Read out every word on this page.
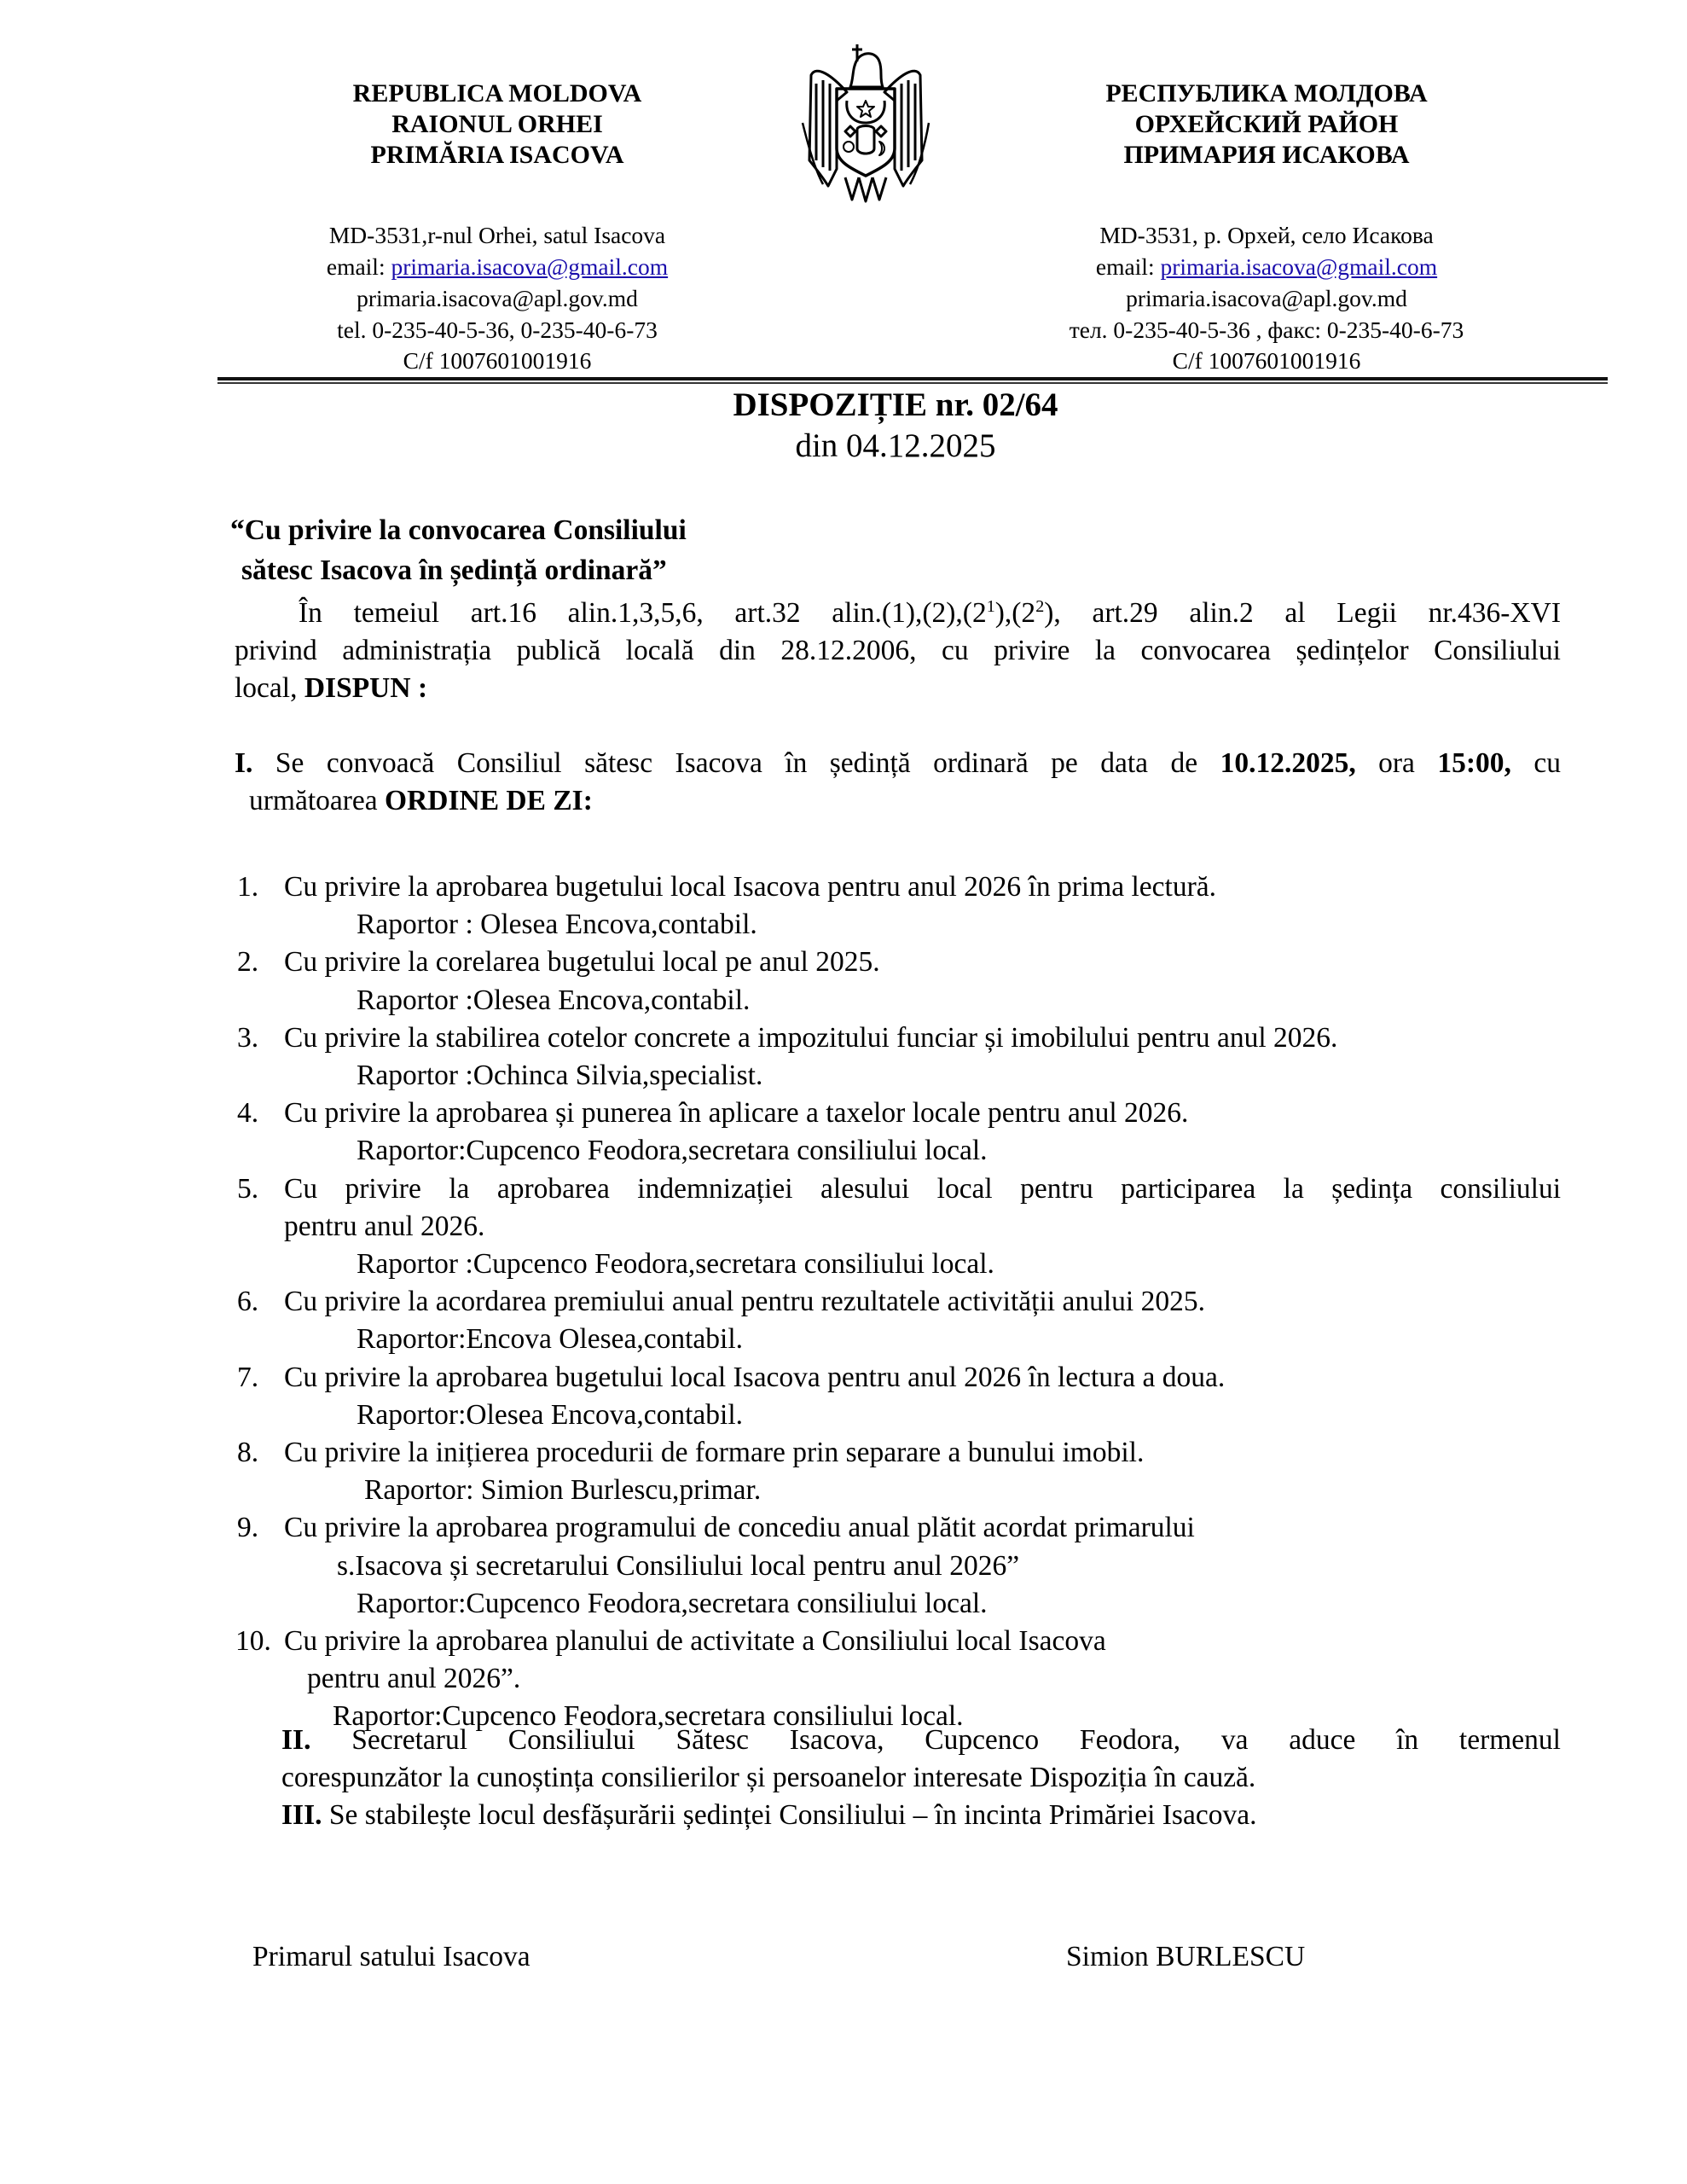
REPUBLICA MOLDOVA
RAIONUL ORHEI
PRIMĂRIA ISACOVA
MD-3531,r-nul Orhei, satul Isacova
email: primaria.isacova@gmail.com
primaria.isacova@apl.gov.md
tel. 0-235-40-5-36, 0-235-40-6-73
C/f 1007601001916
РЕСПУБЛИКА МОЛДОВА
ОРХЕЙСКИЙ РАЙОН
ПРИМАРИЯ ИСАКОВА
MD-3531, р. Орхей, село Исакова
email: primaria.isacova@gmail.com
primaria.isacova@apl.gov.md
тел. 0-235-40-5-36 , факс: 0-235-40-6-73
C/f 1007601001916
DISPOZIȚIE nr. 02/64
din 04.12.2025
“Cu privire la convocarea Consiliului
sătesc Isacova în ședință ordinară”
În temeiul art.16 alin.1,3,5,6, art.32 $alin.(1),(2),(2^1),(2^2)$, art.29 alin.2 al Legii nr.436-XVI
privind administrația publică locală din 28.12.2006, cu privire la convocarea ședințelor Consiliului
local, DISPUN :
I. Se convoacă Consiliul sătesc Isacova în ședință ordinară pe data de 10.12.2025, ora 15:00, cu
următoarea ORDINE DE ZI:
1. Cu privire la aprobarea bugetului local Isacova pentru anul 2026 în prima lectură.
Raportor : Olesea Encova,contabil.
2. Cu privire la corelarea bugetului local pe anul 2025.
Raportor :Olesea Encova,contabil.
3. Cu privire la stabilirea cotelor concrete a impozitului funciar și imobilului pentru anul 2026.
Raportor :Ochinca Silvia,specialist.
4. Cu privire la aprobarea și punerea în aplicare a taxelor locale pentru anul 2026.
Raportor:Cupcenco Feodora,secretara consiliului local.
5. Cu privire la aprobarea indemnizației alesului local pentru participarea la ședința consiliului
pentru anul 2026.
Raportor :Cupcenco Feodora,secretara consiliului local.
6. Cu privire la acordarea premiului anual pentru rezultatele activității anului 2025.
Raportor:Encova Olesea,contabil.
7. Cu privire la aprobarea bugetului local Isacova pentru anul 2026 în lectura a doua.
Raportor:Olesea Encova,contabil.
8. Cu privire la inițierea procedurii de formare prin separare a bunului imobil.
Raportor: Simion Burlescu,primar.
9. Cu privire la aprobarea programului de concediu anual plătit acordat primarului
s.Isacova și secretarului Consiliului local pentru anul 2026”
Raportor:Cupcenco Feodora,secretara consiliului local.
10. Cu privire la aprobarea planului de activitate a Consiliului local Isacova
pentru anul 2026”.
Raportor:Cupcenco Feodora,secretara consiliului local.
II. Secretarul Consiliului Sătesc Isacova, Cupcenco Feodora, va aduce în termenul
corespunzător la cunoștința consilierilor și persoanelor interesate Dispoziția în cauză.
III. Se stabilește locul desfășurării ședinței Consiliului – în incinta Primăriei Isacova.
Primarul satului Isacova	Simion BURLESCU
